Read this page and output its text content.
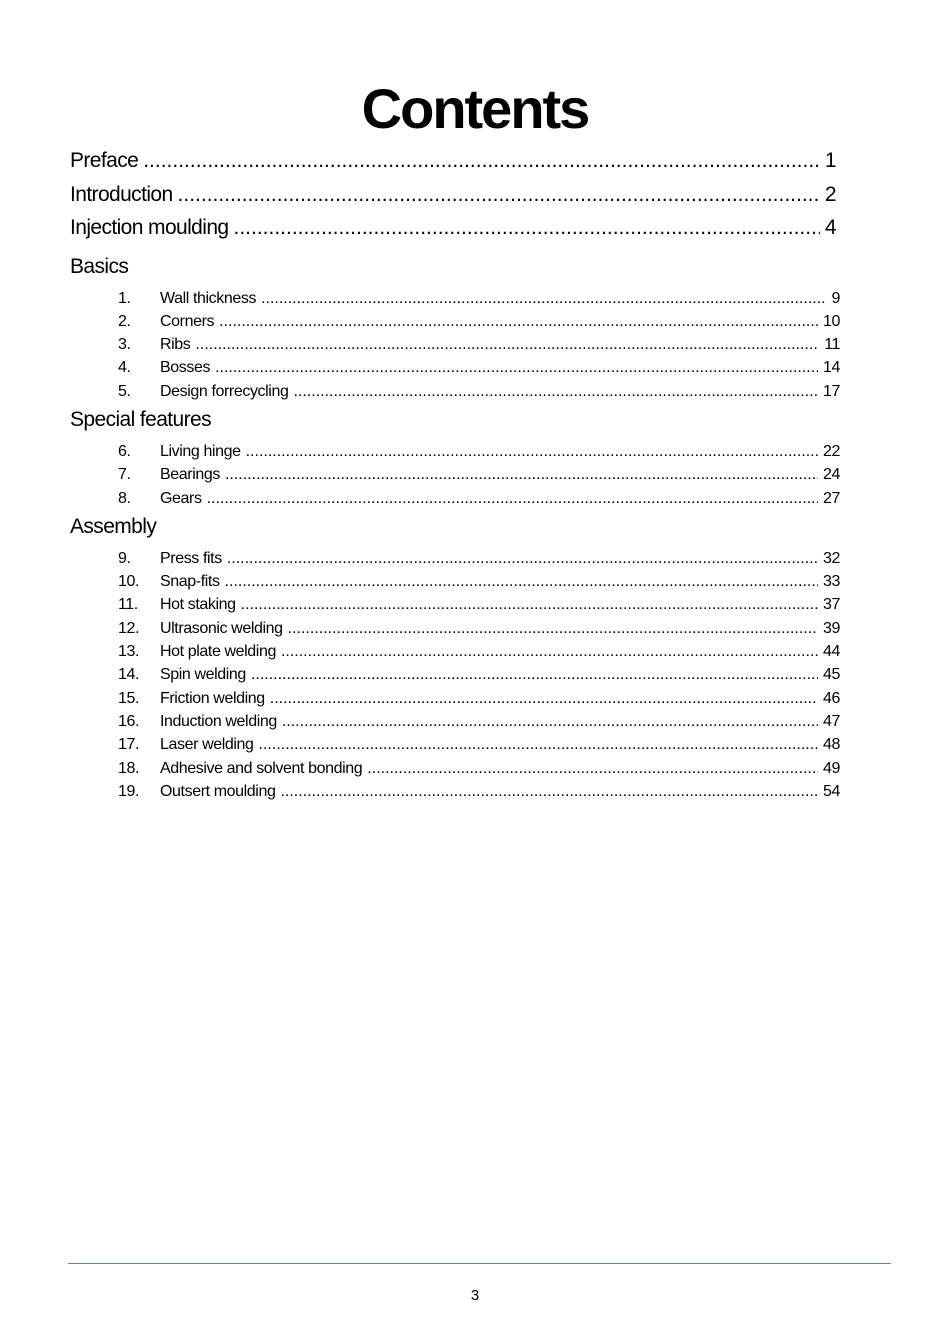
Contents
Preface .....	1
Introduction .....	2
Injection moulding .....	4
Basics
1.	Wall thickness .....	9
2.	Corners .....	10
3.	Ribs .....	11
4.	Bosses .....	14
5.	Design forrecycling .....	17
Special features
6.	Living hinge .....	22
7.	Bearings .....	24
8.	Gears .....	27
Assembly
9.	Press fits .....	32
10.	Snap-fits .....	33
11.	Hot staking .....	37
12.	Ultrasonic welding .....	39
13.	Hot plate welding .....	44
14.	Spin welding .....	45
15.	Friction welding .....	46
16.	Induction welding .....	47
17.	Laser welding .....	48
18.	Adhesive and solvent bonding .....	49
19.	Outsert moulding .....	54
3
